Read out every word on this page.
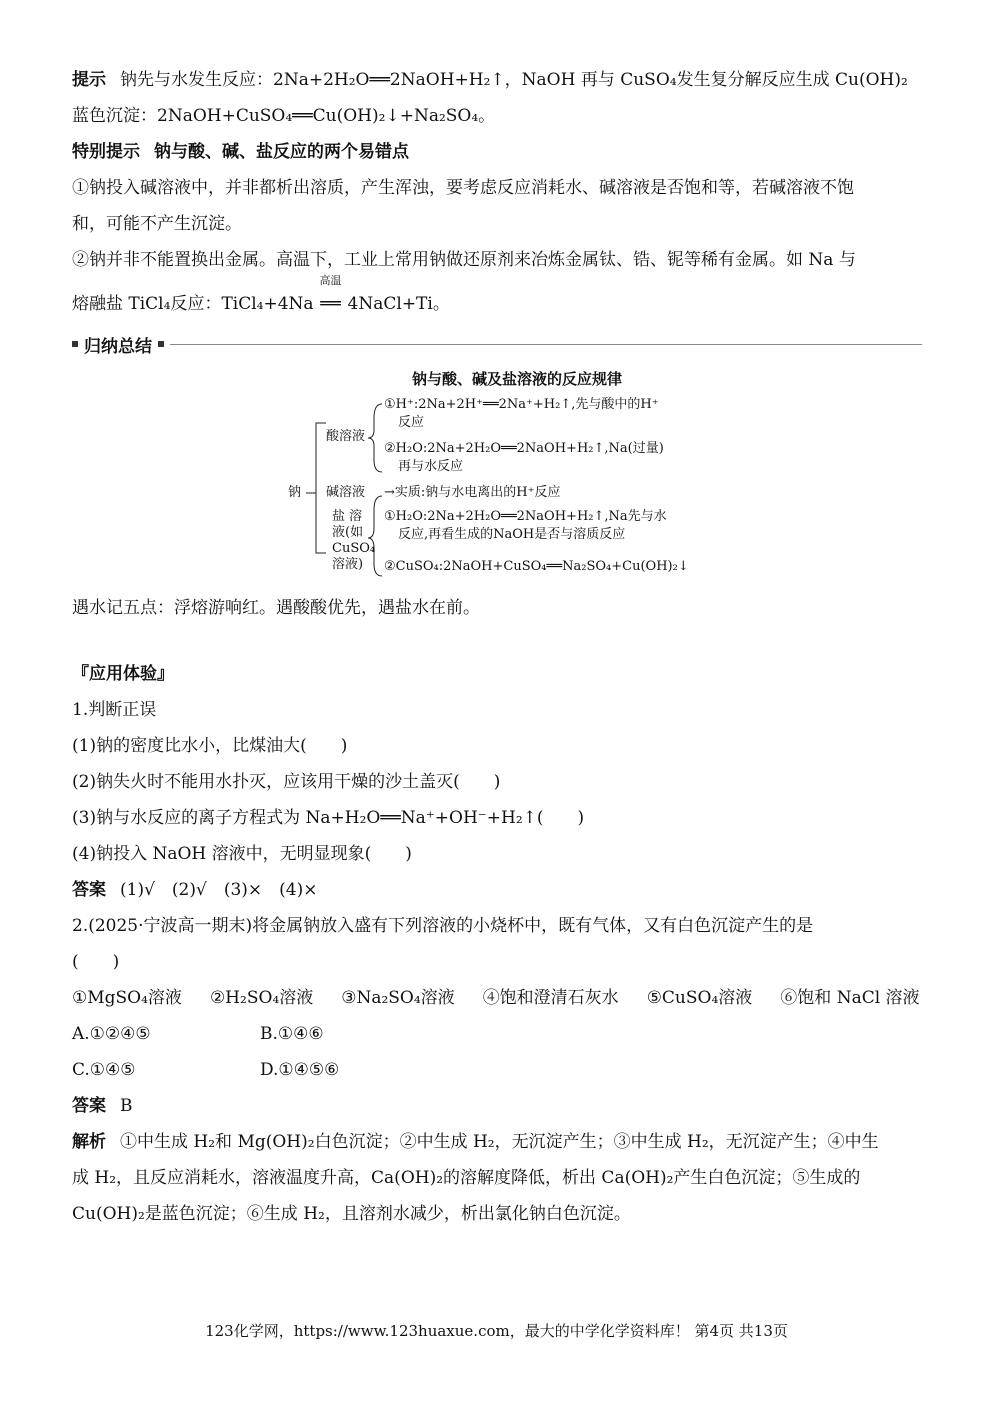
提示 钠先与水发生反应：2Na+2H₂O══2NaOH+H₂↑，NaOH 再与 CuSO₄发生复分解反应生成 Cu(OH)₂
蓝色沉淀：2NaOH+CuSO₄══Cu(OH)₂↓+Na₂SO₄。
特别提示 钠与酸、碱、盐反应的两个易错点
①钠投入碱溶液中，并非都析出溶质，产生浑浊，要考虑反应消耗水、碱溶液是否饱和等，若碱溶液不饱
和，可能不产生沉淀。
②钠并非不能置换出金属。高温下，工业上常用钠做还原剂来冶炼金属钛、锆、铌等稀有金属。如 Na 与
熔融盐 TiCl₄反应：TiCl₄+4Na
高温
══ 4NaCl+Ti。
归纳总结
钠与酸、碱及盐溶液的反应规律
钠
酸溶液
①H⁺:2Na+2H⁺══2Na⁺+H₂↑,先与酸中的H⁺
反应
②H₂O:2Na+2H₂O══2NaOH+H₂↑,Na(过量)
再与水反应
碱溶液 →实质:钠与水电离出的H⁺反应
盐 溶
液(如
CuSO₄
溶液)
①H₂O:2Na+2H₂O══2NaOH+H₂↑,Na先与水
反应,再看生成的NaOH是否与溶质反应
②CuSO₄:2NaOH+CuSO₄══Na₂SO₄+Cu(OH)₂↓
遇水记五点：浮熔游响红。遇酸酸优先，遇盐水在前。
『应用体验』
1.判断正误
(1)钠的密度比水小，比煤油大(　　)
(2)钠失火时不能用水扑灭，应该用干燥的沙土盖灭(　　)
(3)钠与水反应的离子方程式为 Na+H₂O══Na⁺+OH⁻+H₂↑(　　)
(4)钠投入 NaOH 溶液中，无明显现象(　　)
答案 (1)√　(2)√　(3)×　(4)×
2.(2025·宁波高一期末)将金属钠放入盛有下列溶液的小烧杯中，既有气体，又有白色沉淀产生的是
(　　)
①MgSO₄溶液 ②H₂SO₄溶液 ③Na₂SO₄溶液 ④饱和澄清石灰水 ⑤CuSO₄溶液 ⑥饱和 NaCl 溶液
A.①②④⑤	B.①④⑥
C.①④⑤	D.①④⑤⑥
答案 B
解析 ①中生成 H₂和 Mg(OH)₂白色沉淀；②中生成 H₂，无沉淀产生；③中生成 H₂，无沉淀产生；④中生
成 H₂，且反应消耗水，溶液温度升高，Ca(OH)₂的溶解度降低，析出 Ca(OH)₂产生白色沉淀；⑤生成的
Cu(OH)₂是蓝色沉淀；⑥生成 H₂，且溶剂水减少，析出氯化钠白色沉淀。
123化学网，https://www.123huaxue.com，最大的中学化学资料库！ 第4页 共13页
